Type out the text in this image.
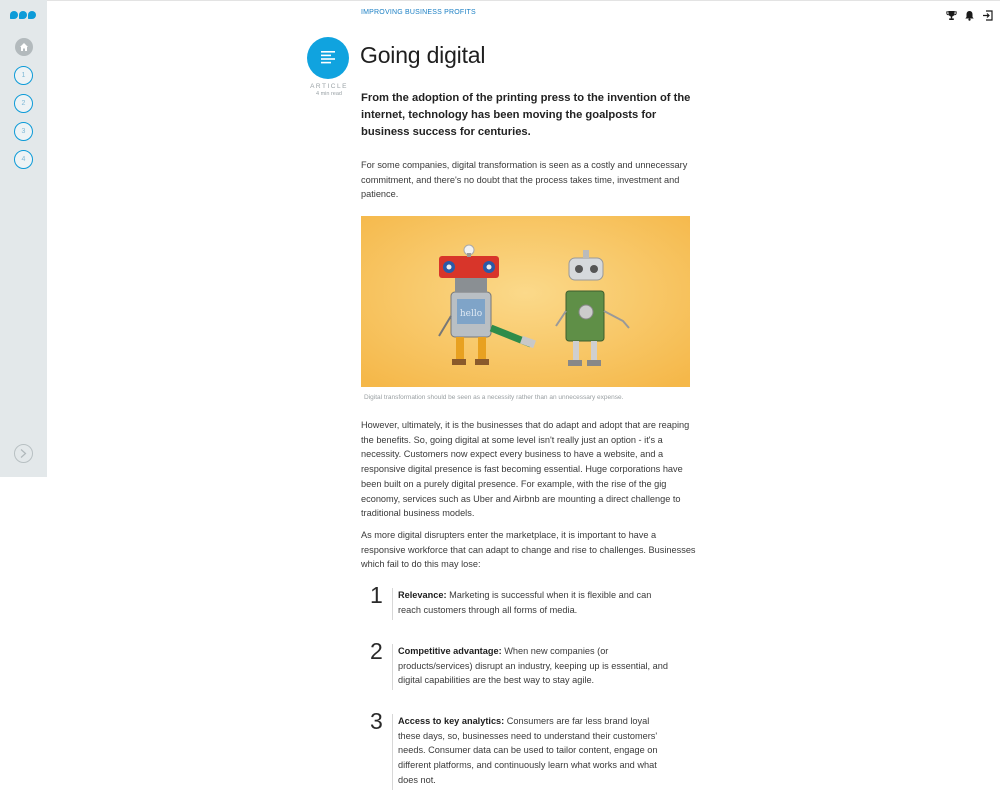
1
2
3
4
IMPROVING BUSINESS PROFITS
ARTICLE
4 min read
Going digital

From the adoption of the printing press to the invention of the internet, technology has been moving the goalposts for business success for centuries.

For some companies, digital transformation is seen as a costly and unnecessary commitment, and there's no doubt that the process takes time, investment and patience.

hello
Digital transformation should be seen as a necessity rather than an unnecessary expense.

However, ultimately, it is the businesses that do adapt and adopt that are reaping the benefits. So, going digital at some level isn't really just an option - it's a necessity. Customers now expect every business to have a website, and a responsive digital presence is fast becoming essential. Huge corporations have been built on a purely digital presence. For example, with the rise of the gig economy, services such as Uber and Airbnb are mounting a direct challenge to traditional business models.

As more digital disrupters enter the marketplace, it is important to have a responsive workforce that can adapt to change and rise to challenges. Businesses which fail to do this may lose:

1	Relevance: Marketing is successful when it is flexible and can reach customers through all forms of media.

2	Competitive advantage: When new companies (or products/services) disrupt an industry, keeping up is essential, and digital capabilities are the best way to stay agile.

3	Access to key analytics: Consumers are far less brand loyal these days, so, businesses need to understand their customers' needs. Consumer data can be used to tailor content, engage on different platforms, and continuously learn what works and what does not.
